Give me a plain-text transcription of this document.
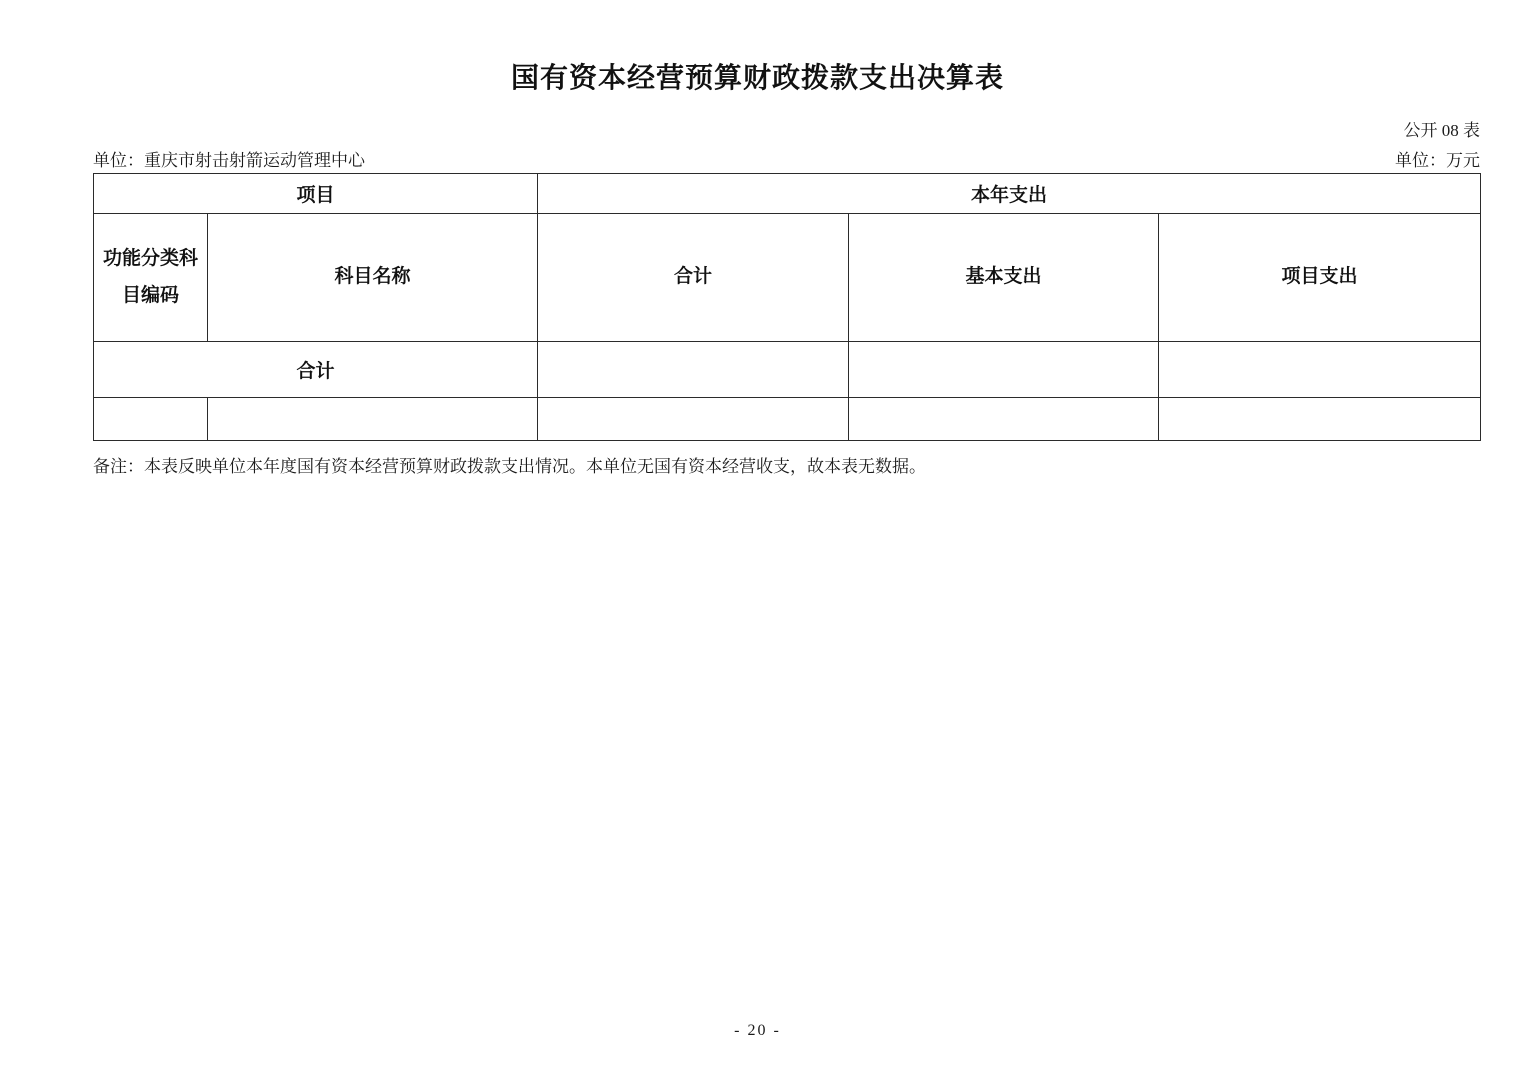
国有资本经营预算财政拨款支出决算表
公开 08 表
单位：重庆市射击射箭运动管理中心	单位：万元
项目		本年支出		
功能分类科目编码	科目名称	合计	基本支出	项目支出
合计				

备注：本表反映单位本年度国有资本经营预算财政拨款支出情况。本单位无国有资本经营收支，故本表无数据。
- 20 -
